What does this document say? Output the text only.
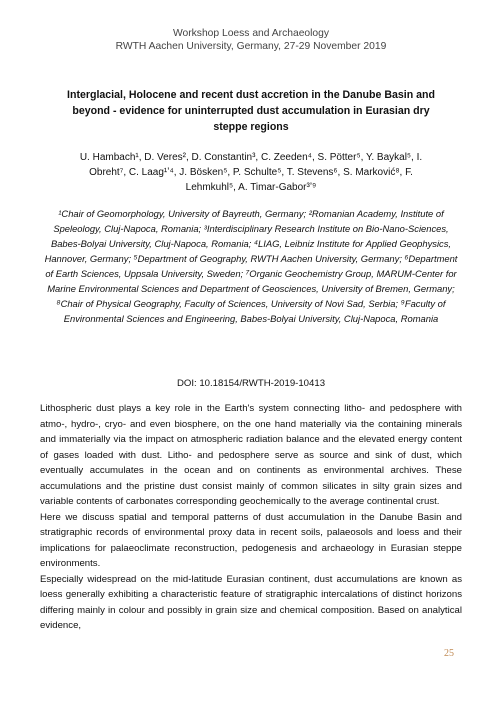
Workshop Loess and Archaeology
RWTH Aachen University, Germany, 27-29 November 2019
Interglacial, Holocene and recent dust accretion in the Danube Basin and beyond - evidence for uninterrupted dust accumulation in Eurasian dry steppe regions
U. Hambach¹, D. Veres², D. Constantin³, C. Zeeden⁴, S. Pötter⁵, Y. Baykal⁵, I. Obreht⁷, C. Laag¹ʼ⁴, J. Bösken⁵, P. Schulte⁵, T. Stevens⁶, S. Marković⁸, F. Lehmkuhl⁵, A. Timar-Gabor³ʼ⁹
¹Chair of Geomorphology, University of Bayreuth, Germany; ²Romanian Academy, Institute of Speleology, Cluj-Napoca, Romania; ³Interdisciplinary Research Institute on Bio-Nano-Sciences, Babes-Bolyai University, Cluj-Napoca, Romania; ⁴LIAG, Leibniz Institute for Applied Geophysics, Hannover, Germany; ⁵Department of Geography, RWTH Aachen University, Germany; ⁶Department of Earth Sciences, Uppsala University, Sweden; ⁷Organic Geochemistry Group, MARUM-Center for Marine Environmental Sciences and Department of Geosciences, University of Bremen, Germany; ⁸Chair of Physical Geography, Faculty of Sciences, University of Novi Sad, Serbia; ⁹Faculty of Environmental Sciences and Engineering, Babes-Bolyai University, Cluj-Napoca, Romania
DOI: 10.18154/RWTH-2019-10413

Lithospheric dust plays a key role in the Earth's system connecting litho- and pedosphere with atmo-, hydro-, cryo- and even biosphere, on the one hand materially via the containing minerals and immaterially via the impact on atmospheric radiation balance and the elevated energy content of gases loaded with dust. Litho- and pedosphere serve as source and sink of dust, which eventually accumulates in the ocean and on continents as environmental archives. These accumulations and the pristine dust consist mainly of common silicates in silty grain sizes and variable contents of carbonates corresponding geochemically to the average continental crust.

Here we discuss spatial and temporal patterns of dust accumulation in the Danube Basin and stratigraphic records of environmental proxy data in recent soils, palaeosols and loess and their implications for palaeoclimate reconstruction, pedogenesis and archaeology in Eurasian steppe environments.

Especially widespread on the mid-latitude Eurasian continent, dust accumulations are known as loess generally exhibiting a characteristic feature of stratigraphic intercalations of distinct horizons differing mainly in colour and possibly in grain size and chemical composition. Based on analytical evidence,

25
